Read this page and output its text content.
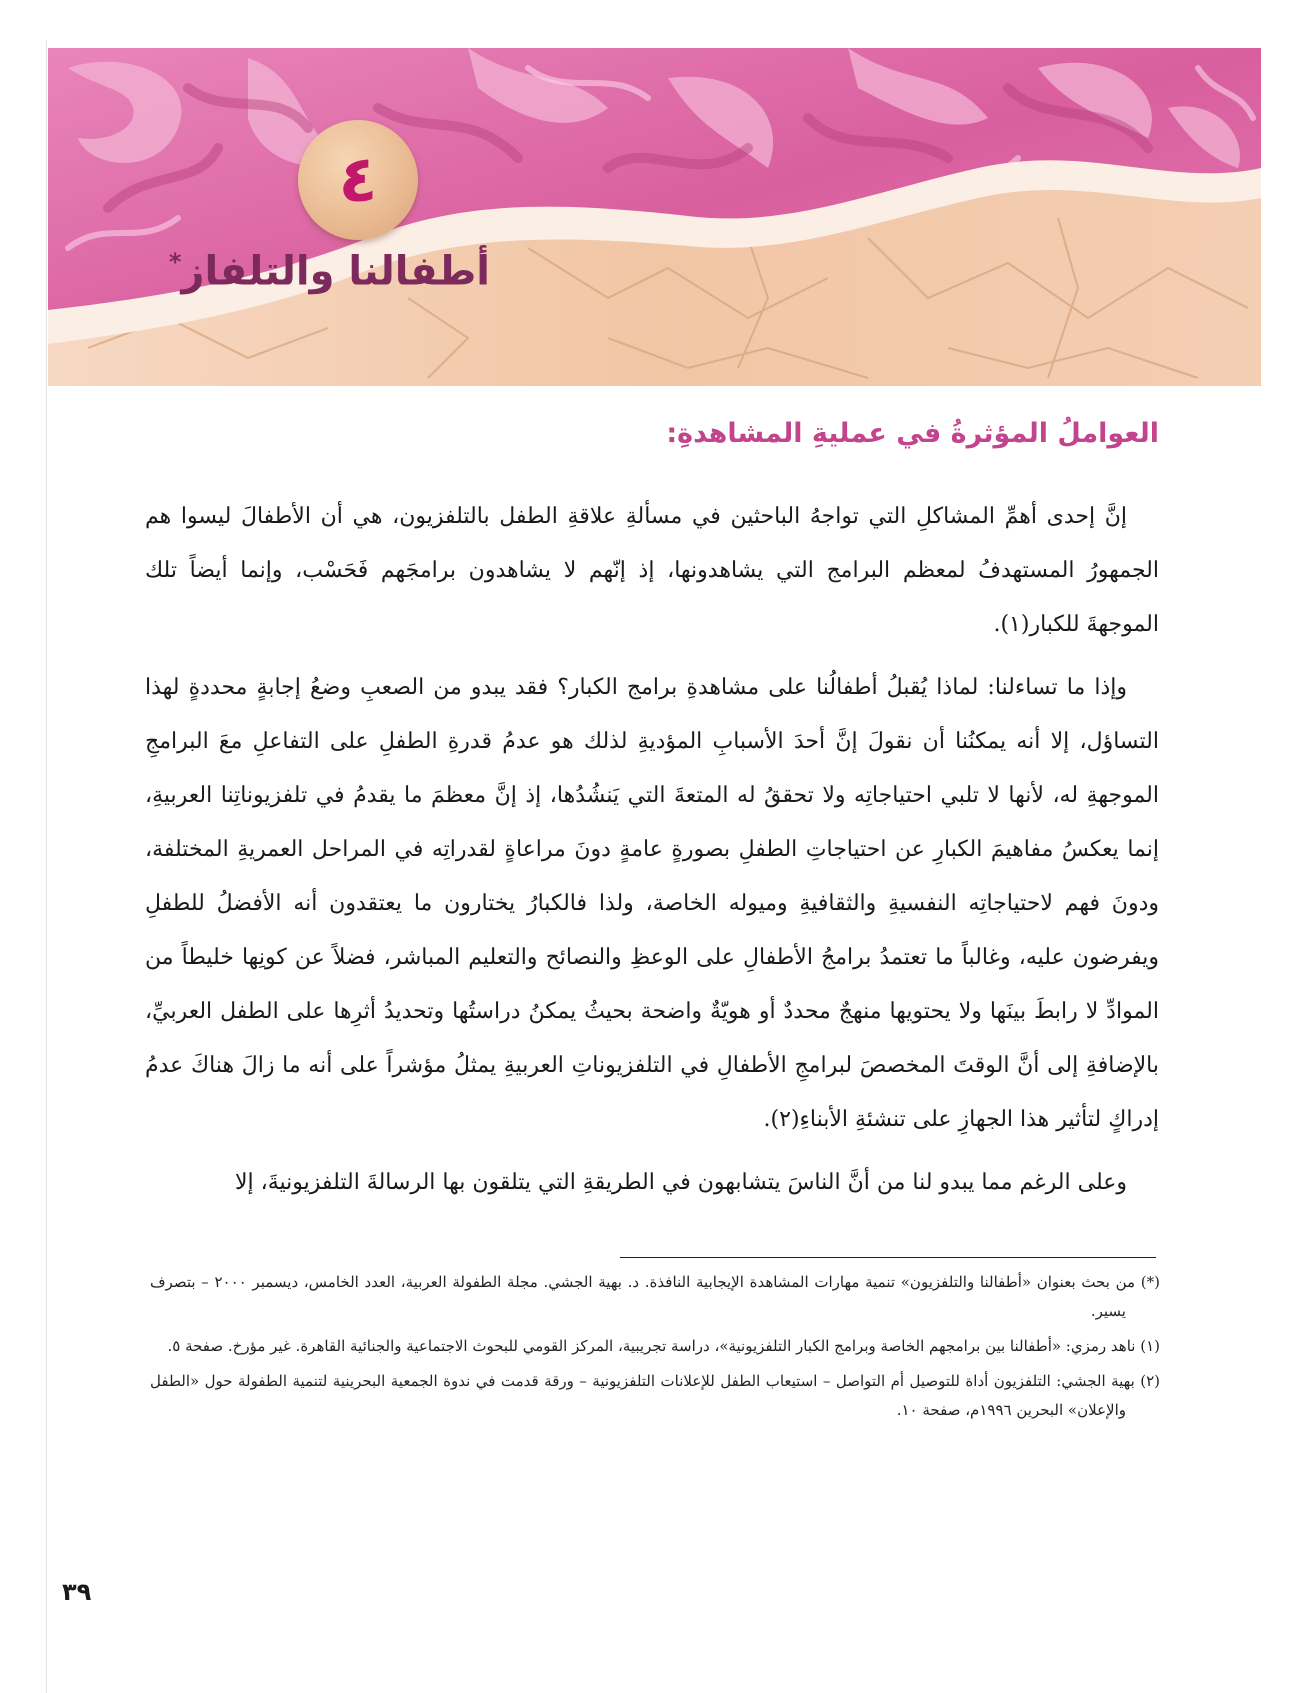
٤
أطفالنا والتلفاز*
العواملُ المؤثرةُ في عمليةِ المشاهدةِ:

إنَّ إحدى أهمِّ المشاكلِ التي تواجهُ الباحثين في مسألةِ علاقةِ الطفل بالتلفزيون، هي أن الأطفالَ ليسوا هم الجمهورُ المستهدفُ لمعظم البرامج التي يشاهدونها، إذ إنّهم لا يشاهدون برامجَهم فَحَسْب، وإنما أيضاً تلك الموجهةَ للكبار(١).

وإذا ما تساءلنا: لماذا يُقبلُ أطفالُنا على مشاهدةِ برامج الكبار؟ فقد يبدو من الصعبِ وضعُ إجابةٍ محددةٍ لهذا التساؤل، إلا أنه يمكنُنا أن نقولَ إنَّ أحدَ الأسبابِ المؤديةِ لذلك هو عدمُ قدرةِ الطفلِ على التفاعلِ معَ البرامجِ الموجهةِ له، لأنها لا تلبي احتياجاتِه ولا تحققُ له المتعةَ التي يَنشُدُها، إذ إنَّ معظمَ ما يقدمُ في تلفزيوناتِنا العربيةِ، إنما يعكسُ مفاهيمَ الكبارِ عن احتياجاتِ الطفلِ بصورةٍ عامةٍ دونَ مراعاةٍ لقدراتِه في المراحل العمريةِ المختلفة، ودونَ فهم لاحتياجاتِه النفسيةِ والثقافيةِ وميوله الخاصة، ولذا فالكبارُ يختارون ما يعتقدون أنه الأفضلُ للطفلِ ويفرضون عليه، وغالباً ما تعتمدُ برامجُ الأطفالِ على الوعظِ والنصائح والتعليم المباشر، فضلاً عن كونِها خليطاً من الموادِّ لا رابطَ بينَها ولا يحتويها منهجٌ محددٌ أو هويّةٌ واضحة بحيثُ يمكنُ دراستُها وتحديدُ أثرِها على الطفل العربيِّ، بالإضافةِ إلى أنَّ الوقتَ المخصصَ لبرامجِ الأطفالِ في التلفزيوناتِ العربيةِ يمثلُ مؤشراً على أنه ما زالَ هناكَ عدمُ إدراكٍ لتأثير هذا الجهازِ على تنشئةِ الأبناءِ(٢).

وعلى الرغم مما يبدو لنا من أنَّ الناسَ يتشابهون في الطريقةِ التي يتلقون بها الرسالةَ التلفزيونيةَ، إلا

(*) من بحث بعنوان «أطفالنا والتلفزيون» تنمية مهارات المشاهدة الإيجابية النافذة. د. بهية الجشي. مجلة الطفولة العربية، العدد الخامس، ديسمبر ٢٠٠٠ – بتصرف يسير.

(١) ناهد رمزي: «أطفالنا بين برامجهم الخاصة وبرامج الكبار التلفزيونية»، دراسة تجريبية، المركز القومي للبحوث الاجتماعية والجنائية القاهرة. غير مؤرخ. صفحة ٥.

(٢) بهية الجشي: التلفزيون أداة للتوصيل أم التواصل – استيعاب الطفل للإعلانات التلفزيونية – ورقة قدمت في ندوة الجمعية البحرينية لتنمية الطفولة حول «الطفل والإعلان» البحرين ١٩٩٦م، صفحة ١٠.

٣٩
